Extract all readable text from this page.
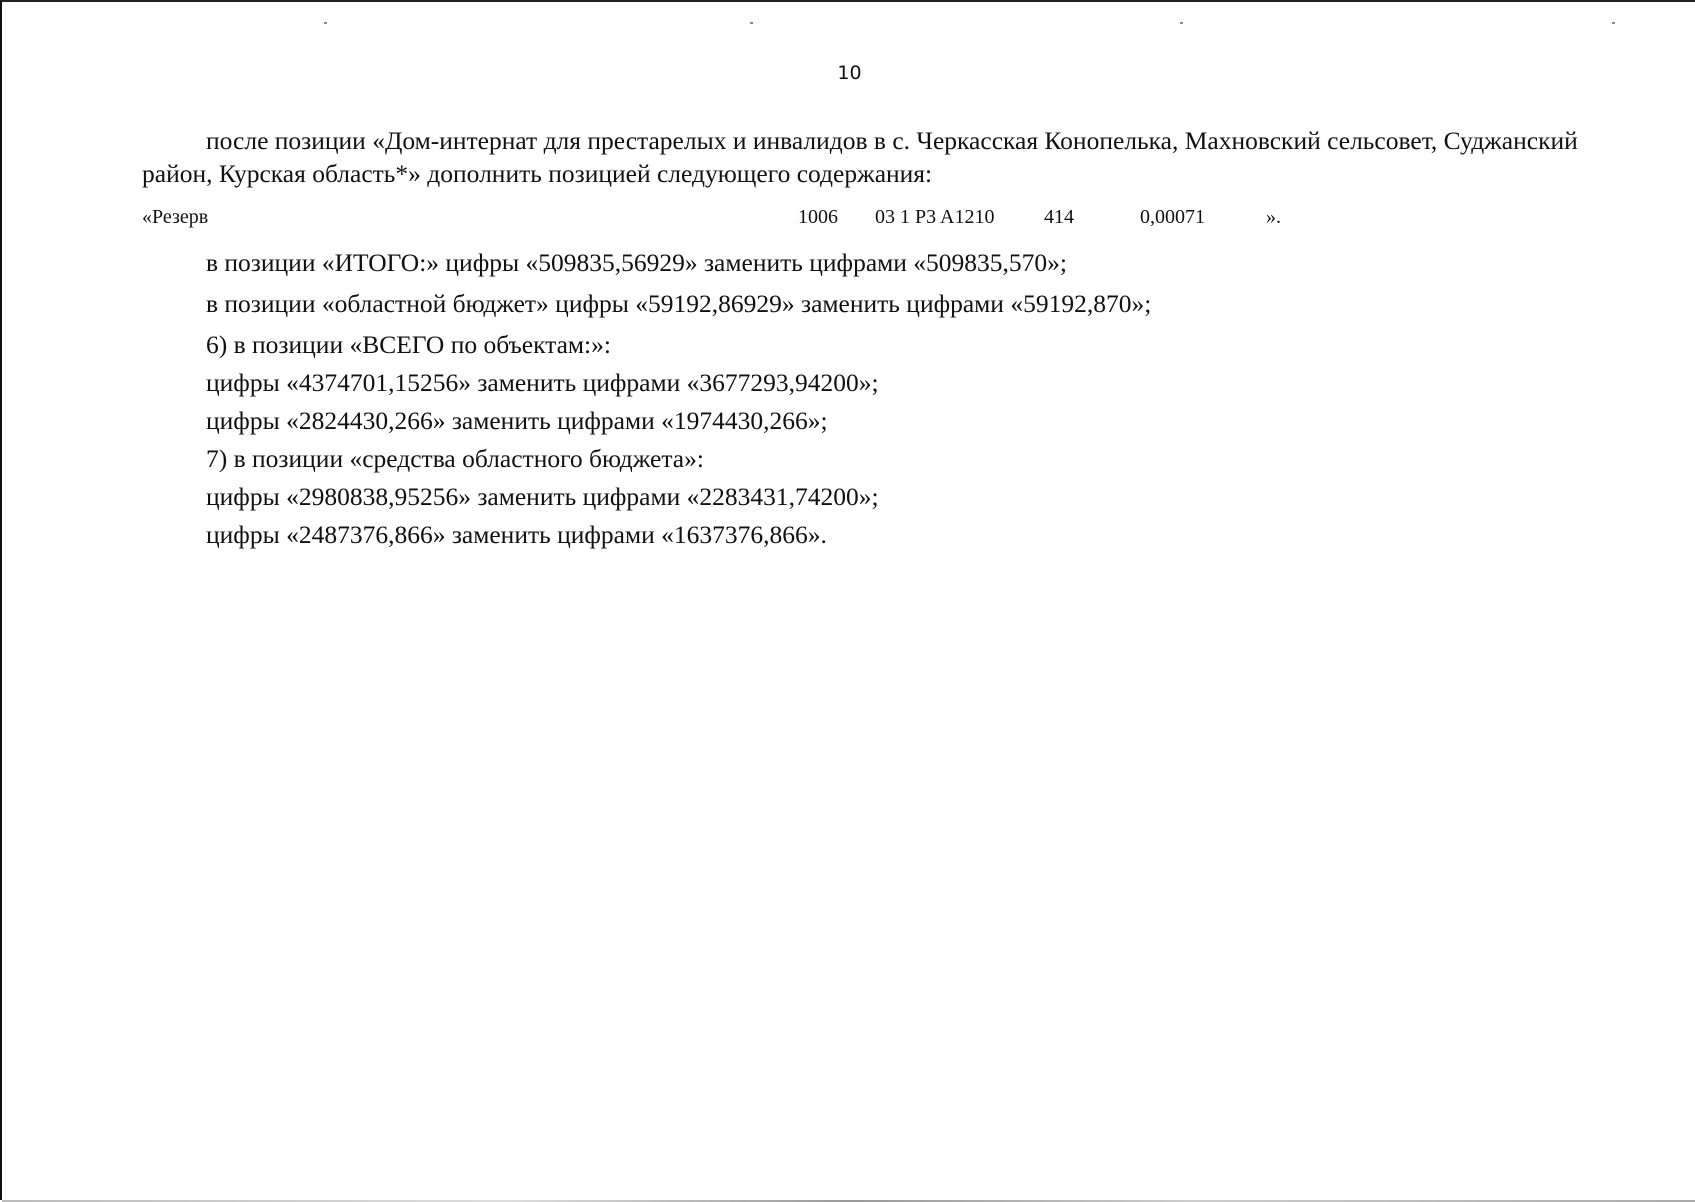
10

после позиции «Дом-интернат для престарелых и инвалидов в с. Черкасская Конопелька, Махновский сельсовет, Суджанский район, Курская область*» дополнить позицией следующего содержания:

«Резерв	1006 03 1 P3 A1210 414	0,00071	».

в позиции «ИТОГО:» цифры «509835,56929» заменить цифрами «509835,570»;

в позиции «областной бюджет» цифры «59192,86929» заменить цифрами «59192,870»;

6) в позиции «ВСЕГО по объектам:»:

цифры «4374701,15256» заменить цифрами «3677293,94200»;

цифры «2824430,266» заменить цифрами «1974430,266»;

7) в позиции «средства областного бюджета»:

цифры «2980838,95256» заменить цифрами «2283431,74200»;

цифры «2487376,866» заменить цифрами «1637376,866».
